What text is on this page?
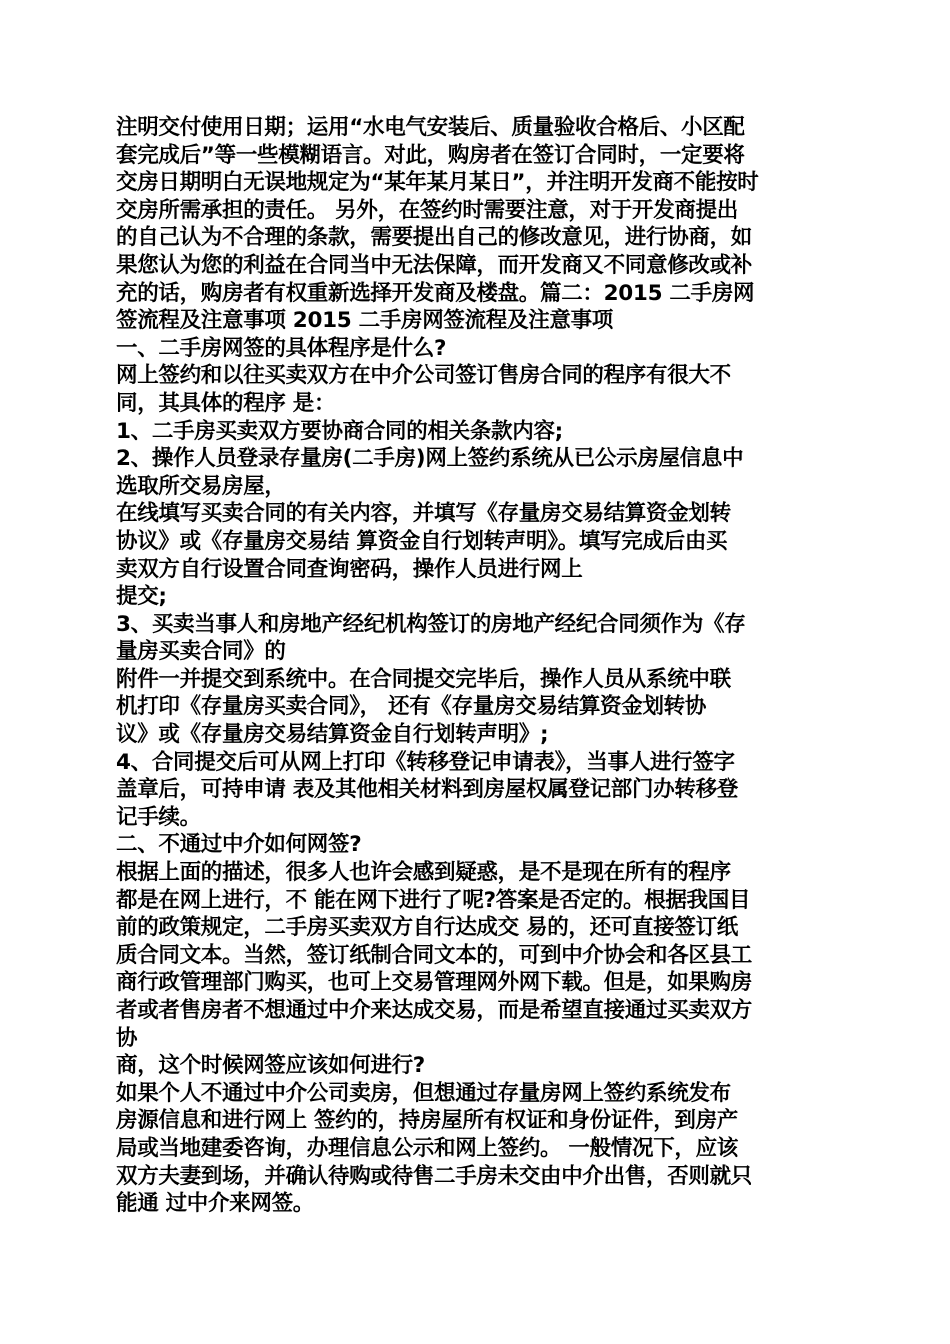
注明交付使用日期；运用“水电气安装后、质量验收合格后、小区配

套完成后”等一些模糊语言。对此，购房者在签订合同时，一定要将

交房日期明白无误地规定为“某年某月某日”，并注明开发商不能按时

交房所需承担的责任。 另外，在签约时需要注意，对于开发商提出

的自己认为不合理的条款，需要提出自己的修改意见，进行协商，如

果您认为您的利益在合同当中无法保障，而开发商又不同意修改或补

充的话，购房者有权重新选择开发商及楼盘。篇二：2015 二手房网

签流程及注意事项 2015 二手房网签流程及注意事项

一、二手房网签的具体程序是什么?

网上签约和以往买卖双方在中介公司签订售房合同的程序有很大不

同，其具体的程序 是：

1、二手房买卖双方要协商合同的相关条款内容;

2、操作人员登录存量房(二手房)网上签约系统从已公示房屋信息中

选取所交易房屋，

在线填写买卖合同的有关内容，并填写《存量房交易结算资金划转

协议》或《存量房交易结 算资金自行划转声明》。填写完成后由买

卖双方自行设置合同查询密码，操作人员进行网上

提交;

3、买卖当事人和房地产经纪机构签订的房地产经纪合同须作为《存

量房买卖合同》的

附件一并提交到系统中。在合同提交完毕后，操作人员从系统中联

机打印《存量房买卖合同》， 还有《存量房交易结算资金划转协

议》或《存量房交易结算资金自行划转声明》;

4、合同提交后可从网上打印《转移登记申请表》，当事人进行签字

盖章后，可持申请 表及其他相关材料到房屋权属登记部门办转移登

记手续。

二、不通过中介如何网签?

根据上面的描述，很多人也许会感到疑惑，是不是现在所有的程序

都是在网上进行，不 能在网下进行了呢?答案是否定的。根据我国目

前的政策规定，二手房买卖双方自行达成交 易的，还可直接签订纸

质合同文本。当然，签订纸制合同文本的，可到中介协会和各区县工

商行政管理部门购买，也可上交易管理网外网下载。但是，如果购房

者或者售房者不想通过中介来达成交易，而是希望直接通过买卖双方

协

商，这个时候网签应该如何进行?

如果个人不通过中介公司卖房，但想通过存量房网上签约系统发布

房源信息和进行网上 签约的，持房屋所有权证和身份证件，到房产

局或当地建委咨询，办理信息公示和网上签约。 一般情况下，应该

双方夫妻到场，并确认待购或待售二手房未交由中介出售，否则就只

能通 过中介来网签。
